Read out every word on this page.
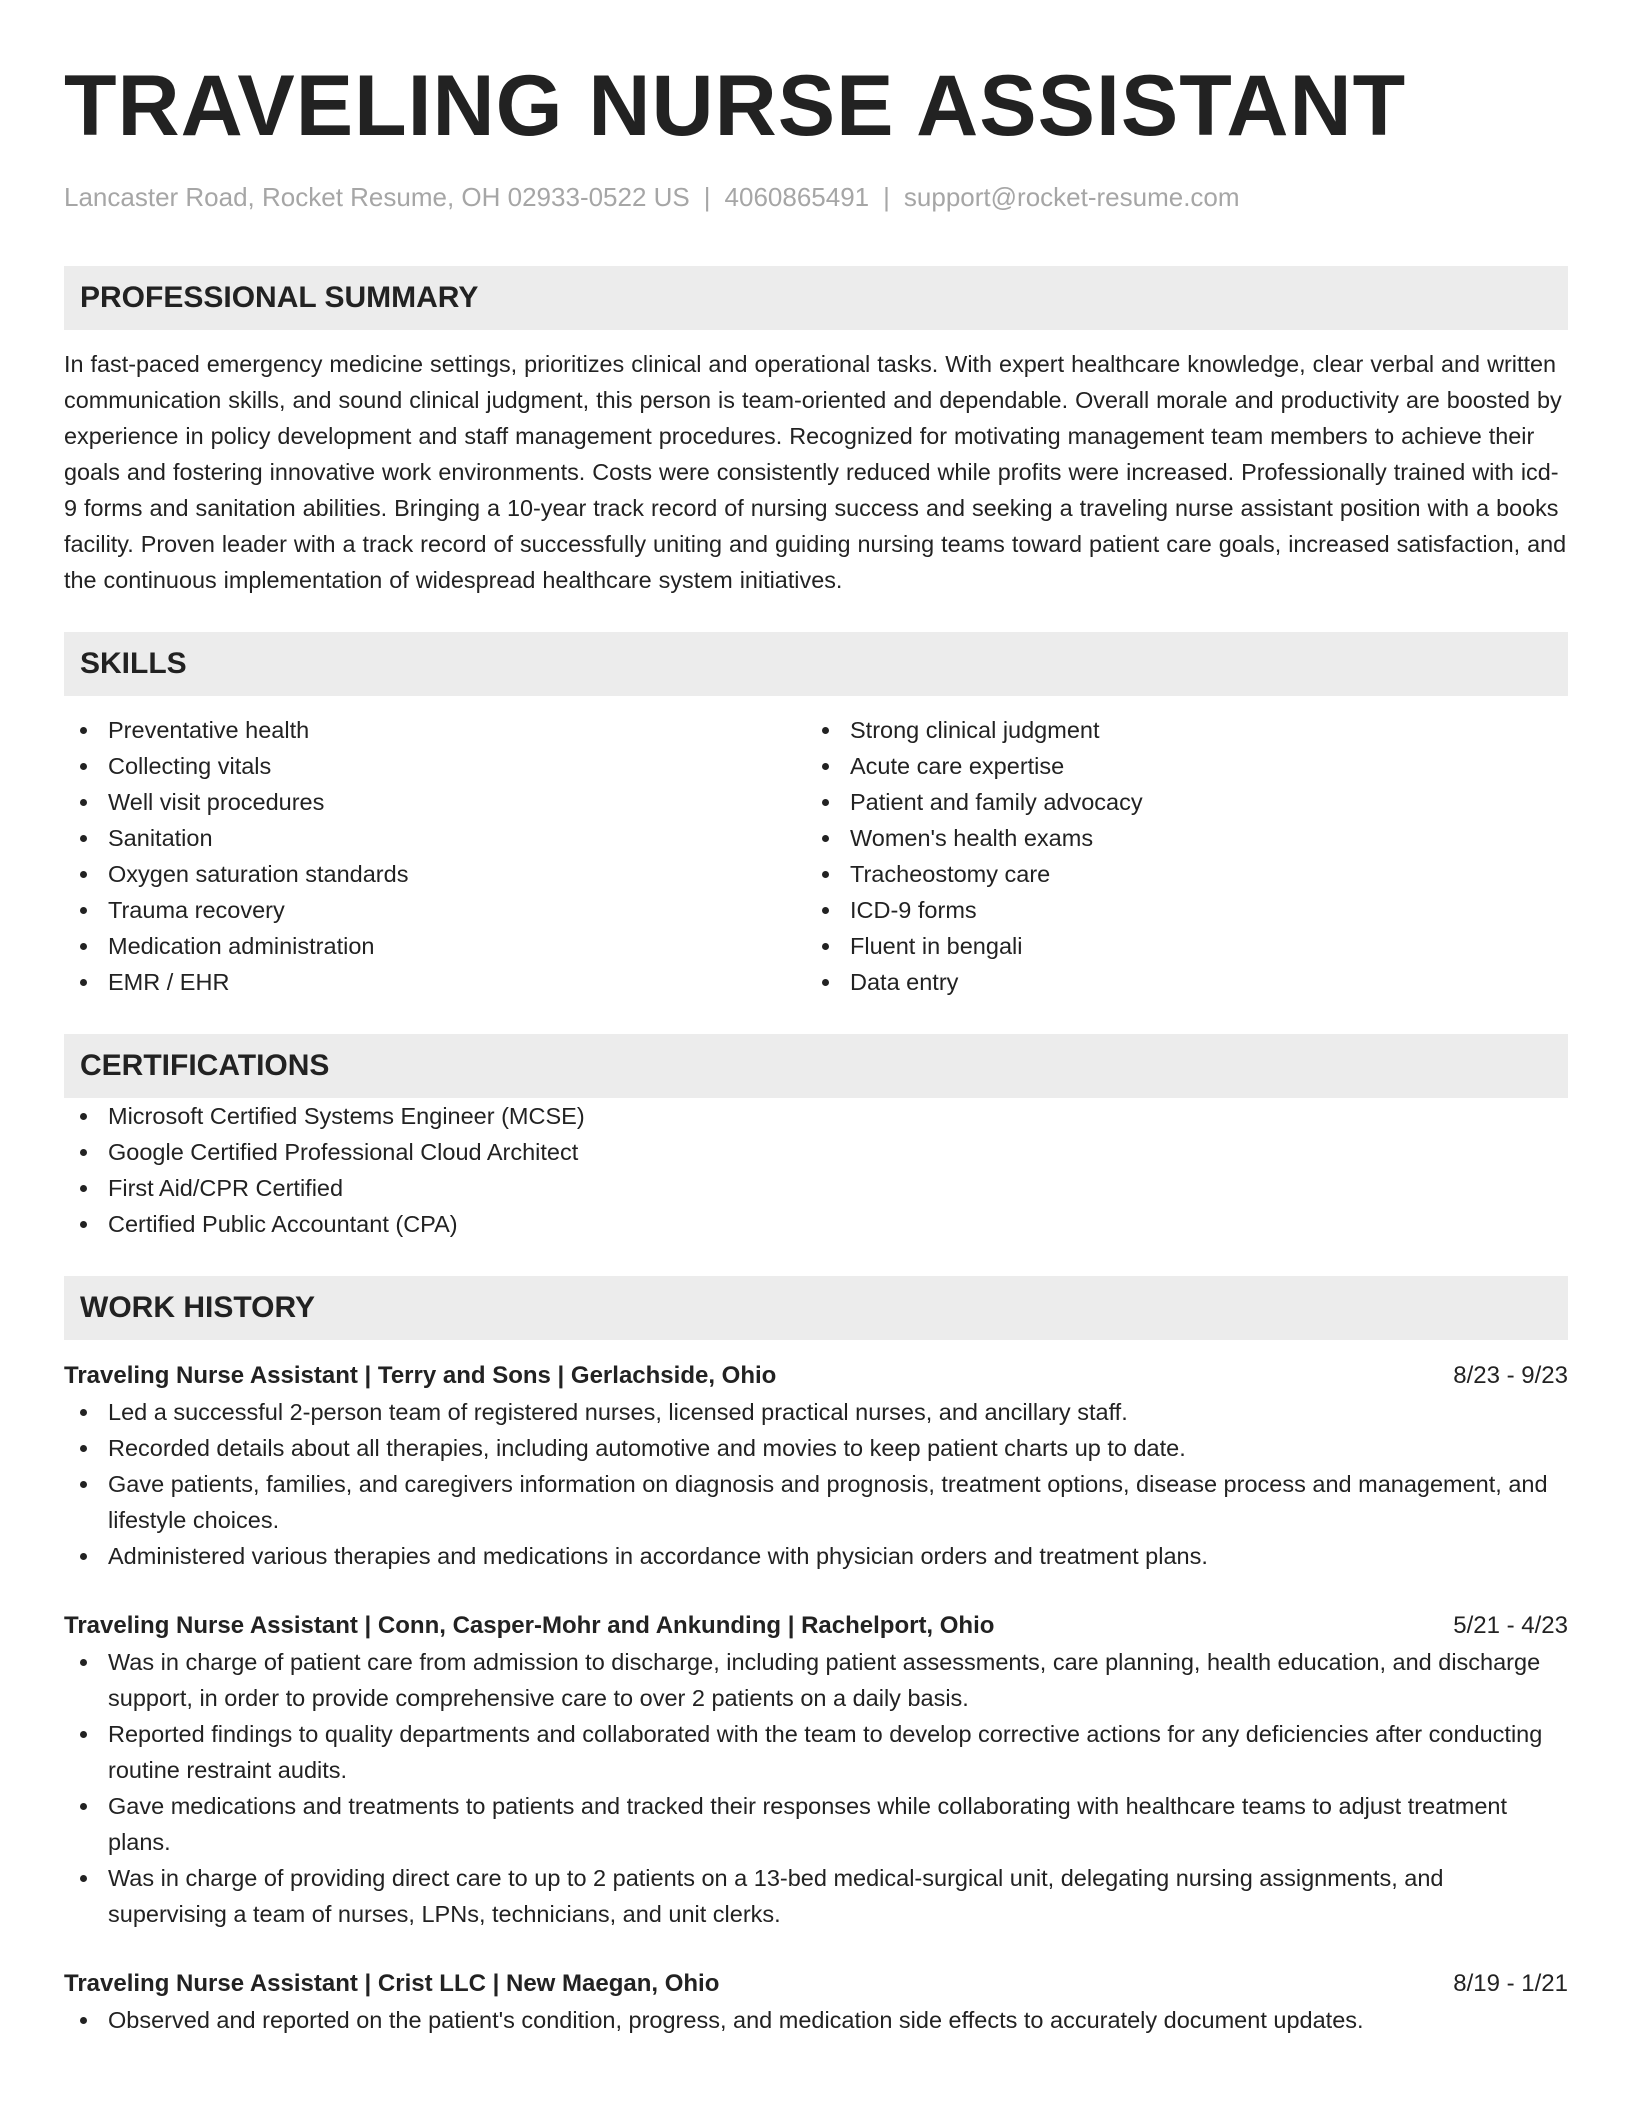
TRAVELING NURSE ASSISTANT
Lancaster Road, Rocket Resume, OH 02933-0522 US | 4060865491 | support@rocket-resume.com
PROFESSIONAL SUMMARY
In fast-paced emergency medicine settings, prioritizes clinical and operational tasks. With expert healthcare knowledge, clear verbal and written communication skills, and sound clinical judgment, this person is team-oriented and dependable. Overall morale and productivity are boosted by experience in policy development and staff management procedures. Recognized for motivating management team members to achieve their goals and fostering innovative work environments. Costs were consistently reduced while profits were increased. Professionally trained with icd-9 forms and sanitation abilities. Bringing a 10-year track record of nursing success and seeking a traveling nurse assistant position with a books facility. Proven leader with a track record of successfully uniting and guiding nursing teams toward patient care goals, increased satisfaction, and the continuous implementation of widespread healthcare system initiatives.
SKILLS
Preventative health
Collecting vitals
Well visit procedures
Sanitation
Oxygen saturation standards
Trauma recovery
Medication administration
EMR / EHR
Strong clinical judgment
Acute care expertise
Patient and family advocacy
Women's health exams
Tracheostomy care
ICD-9 forms
Fluent in bengali
Data entry
CERTIFICATIONS
Microsoft Certified Systems Engineer (MCSE)
Google Certified Professional Cloud Architect
First Aid/CPR Certified
Certified Public Accountant (CPA)
WORK HISTORY
Traveling Nurse Assistant | Terry and Sons | Gerlachside, Ohio	8/23 - 9/23
Led a successful 2-person team of registered nurses, licensed practical nurses, and ancillary staff.
Recorded details about all therapies, including automotive and movies to keep patient charts up to date.
Gave patients, families, and caregivers information on diagnosis and prognosis, treatment options, disease process and management, and lifestyle choices.
Administered various therapies and medications in accordance with physician orders and treatment plans.
Traveling Nurse Assistant | Conn, Casper-Mohr and Ankunding | Rachelport, Ohio	5/21 - 4/23
Was in charge of patient care from admission to discharge, including patient assessments, care planning, health education, and discharge support, in order to provide comprehensive care to over 2 patients on a daily basis.
Reported findings to quality departments and collaborated with the team to develop corrective actions for any deficiencies after conducting routine restraint audits.
Gave medications and treatments to patients and tracked their responses while collaborating with healthcare teams to adjust treatment plans.
Was in charge of providing direct care to up to 2 patients on a 13-bed medical-surgical unit, delegating nursing assignments, and supervising a team of nurses, LPNs, technicians, and unit clerks.
Traveling Nurse Assistant | Crist LLC | New Maegan, Ohio	8/19 - 1/21
Observed and reported on the patient's condition, progress, and medication side effects to accurately document updates.
